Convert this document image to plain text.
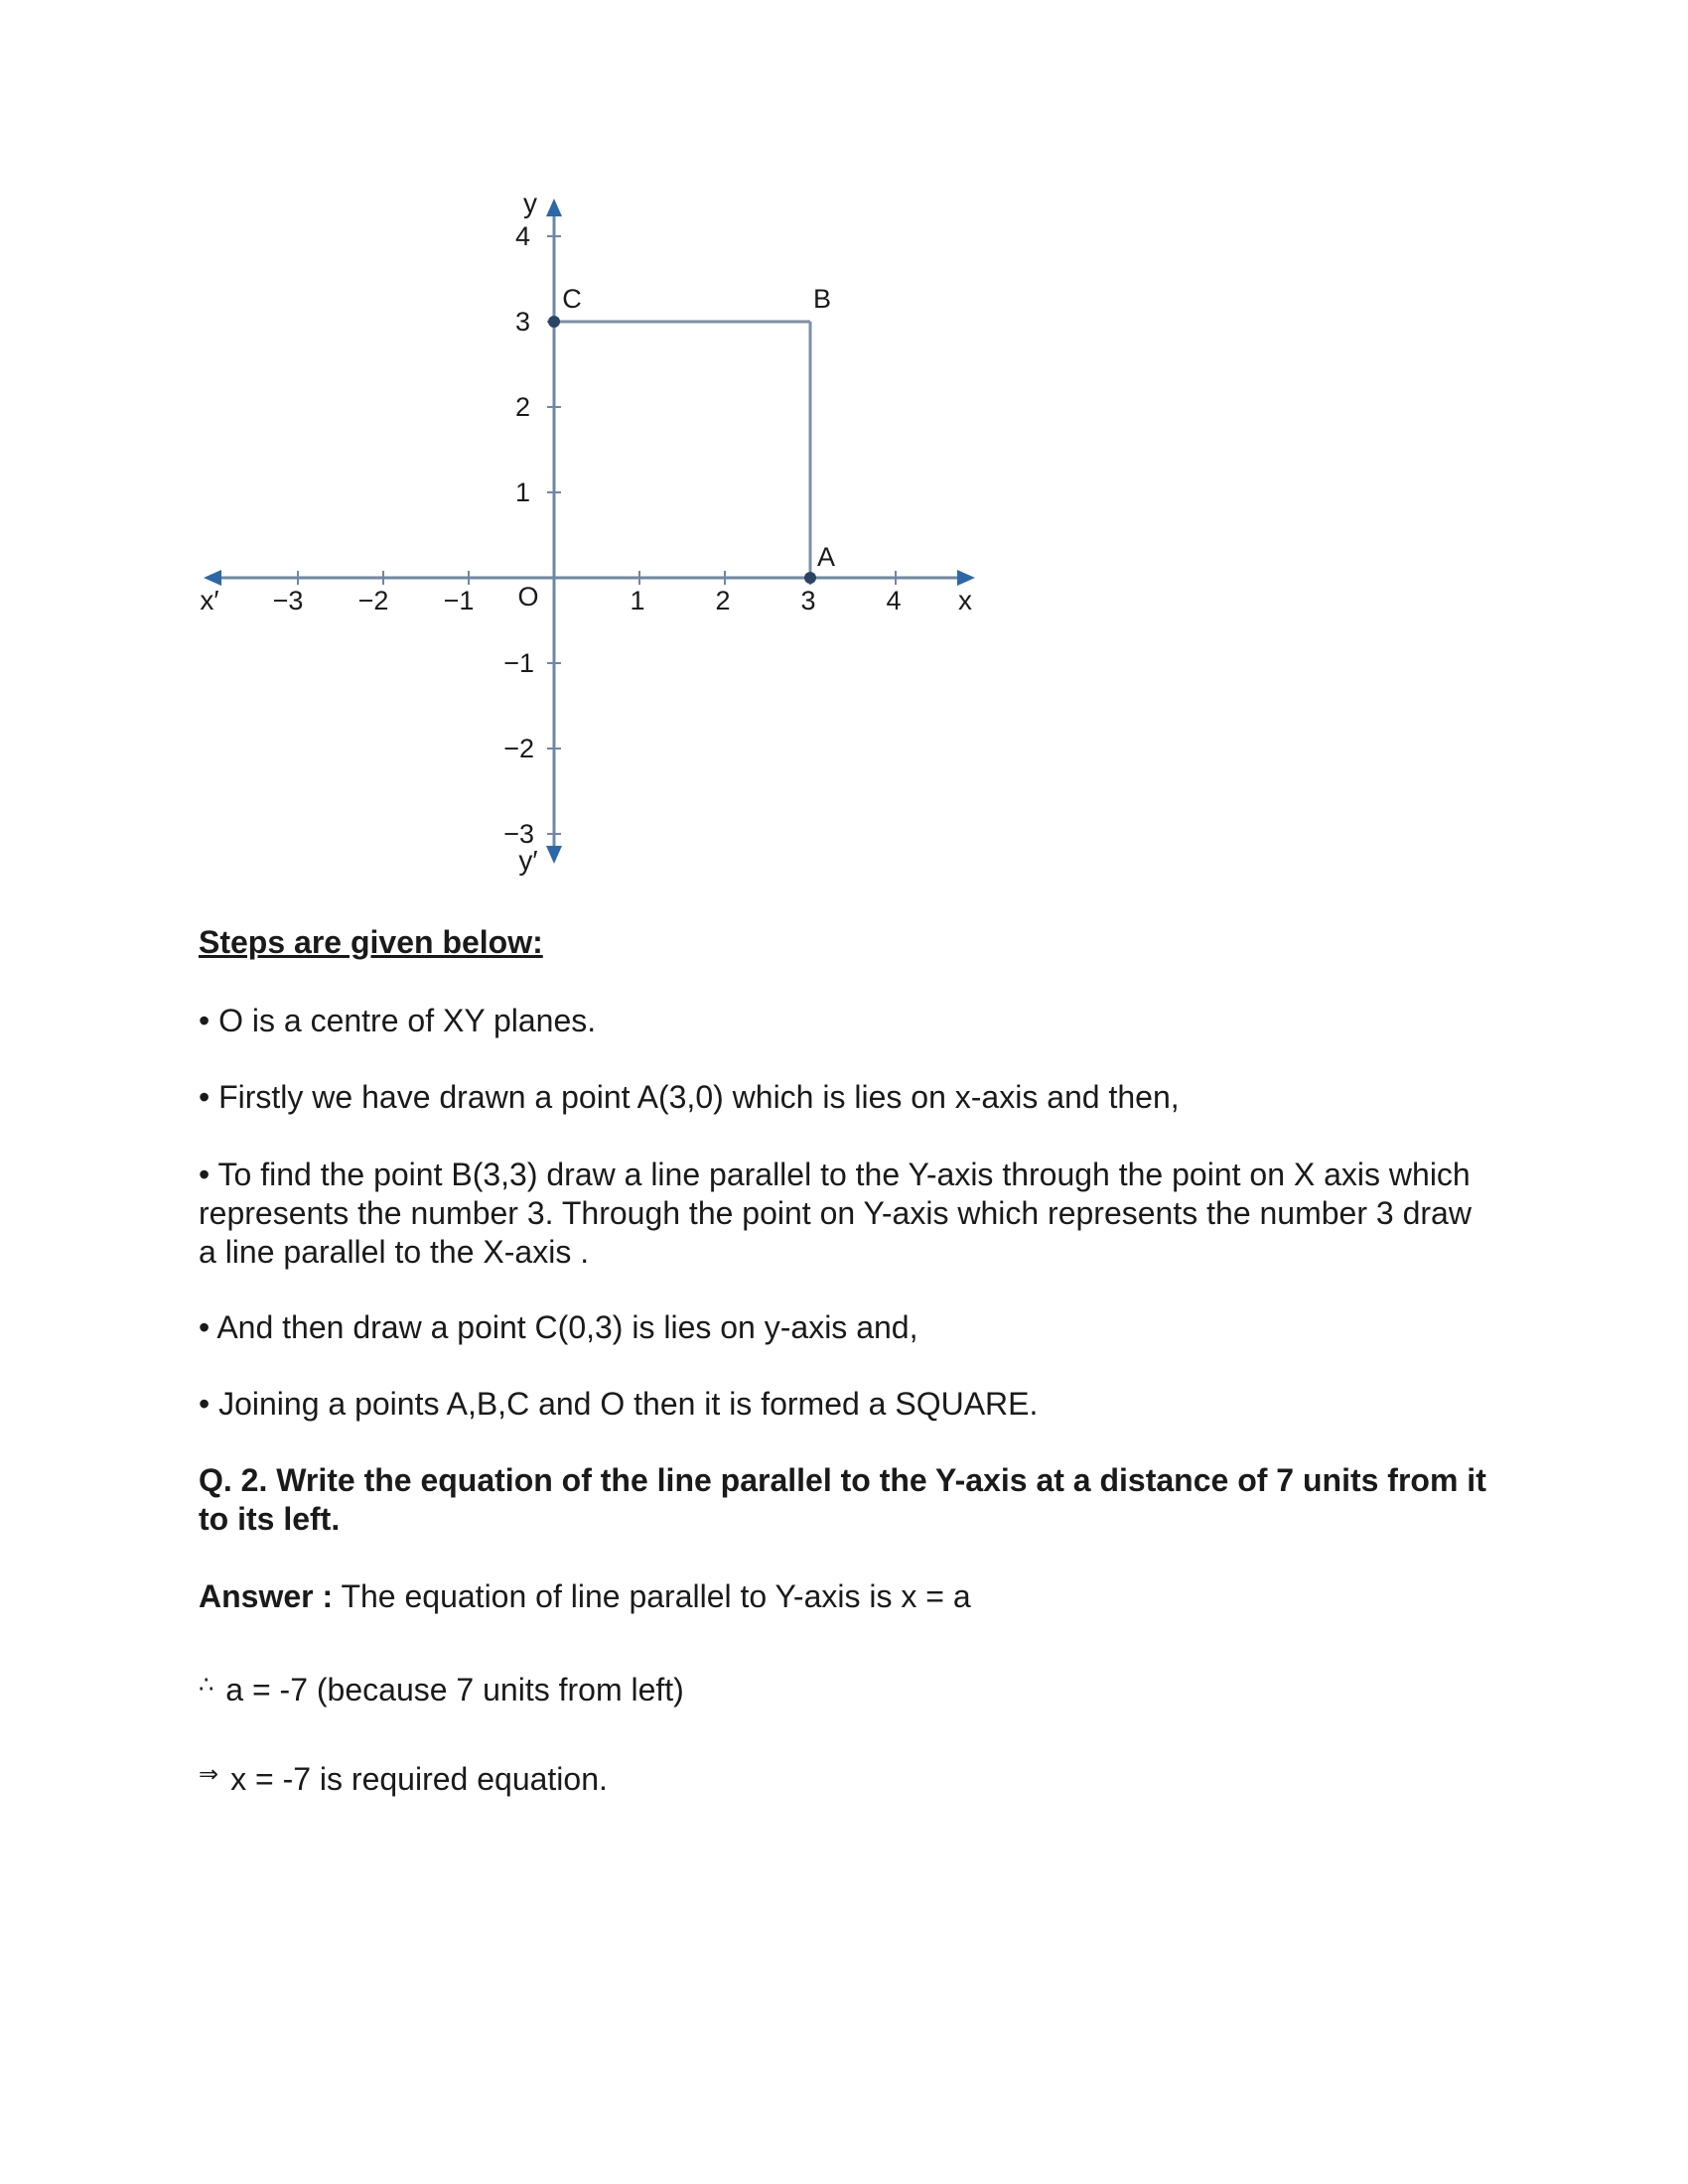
−3 −2 −1	1	2	3	4
4
3
2
1
−1
−2
−3
O	x
x′
y
y′
A
B
C
Steps are given below:
• O is a centre of XY planes.
• Firstly we have drawn a point A(3,0) which is lies on x-axis and then,
• To find the point B(3,3) draw a line parallel to the Y-axis through the point on X axis which represents the number 3. Through the point on Y-axis which represents the number 3 draw a line parallel to the X-axis .
• And then draw a point C(0,3) is lies on y-axis and,
• Joining a points A,B,C and O then it is formed a SQUARE.
Q. 2. Write the equation of the line parallel to the Y-axis at a distance of 7 units from it to its left.
Answer : The equation of line parallel to Y-axis is x = a
∴ a = -7 (because 7 units from left)
⇒ x = -7 is required equation.
